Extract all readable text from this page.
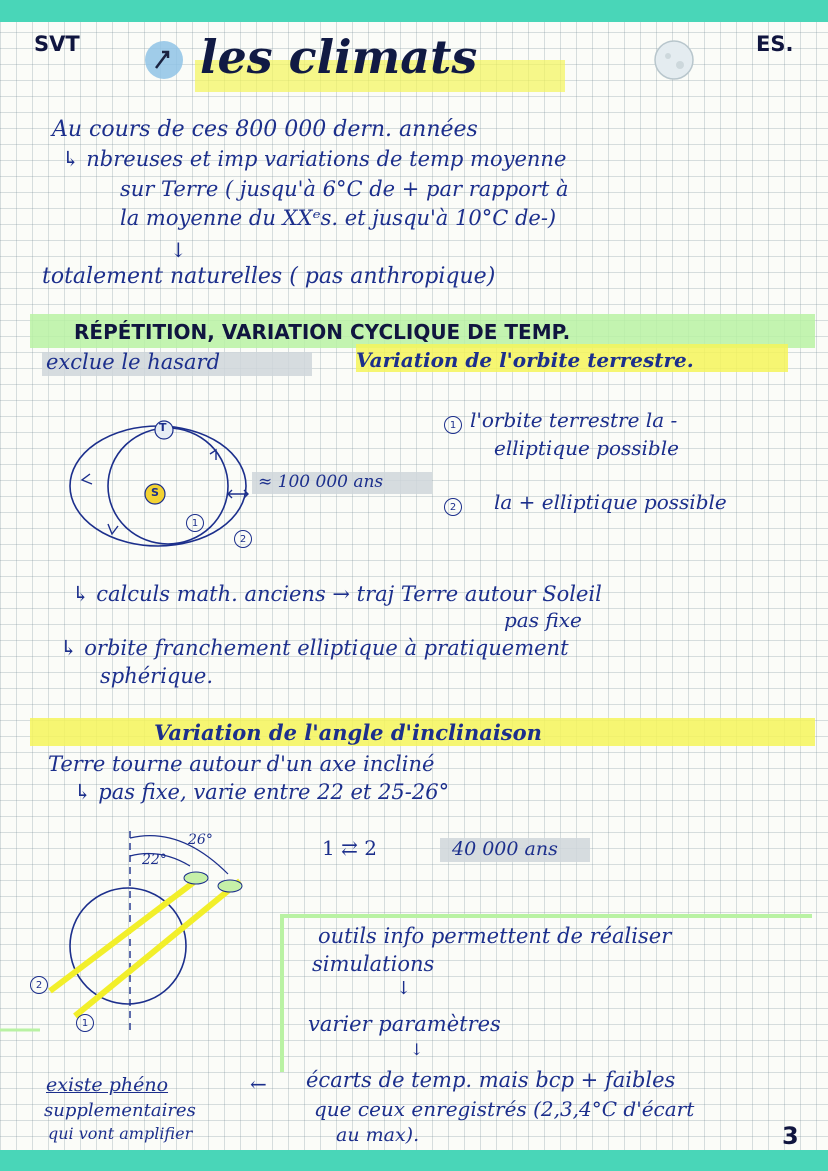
SVT	les climats	ES.
Au cours de ces 800 000 dern. années
↳ nbreuses et imp variations de temp moyenne
sur Terre ( jusqu'à 6°C de + par rapport à
la moyenne du XXᵉs. et jusqu'à 10°C de-)
↓
totalement naturelles ( pas anthropique)
RÉPÉTITION, VARIATION CYCLIQUE DE TEMP.
exclue le hasard	Variation de l'orbite terrestre.
T
S
1
2
≈ 100 000 ans
1 l'orbite terrestre la -
elliptique possible
2 la + elliptique possible
↳ calculs math. anciens → traj Terre autour Soleil
pas fixe
↳ orbite franchement elliptique à pratiquement
sphérique.
Variation de l'angle d'inclinaison
Terre tourne autour d'un axe incliné
↳ pas fixe, varie entre 22 et 25-26°
26°
22°
2
1
1 ⇄ 2	40 000 ans
outils info permettent de réaliser
simulations
↓
varier paramètres
↓
écarts de temp. mais bcp + faibles
que ceux enregistrés (2,3,4°C d'écart
au max).
existe phéno	←
supplementaires
qui vont amplifier	3
